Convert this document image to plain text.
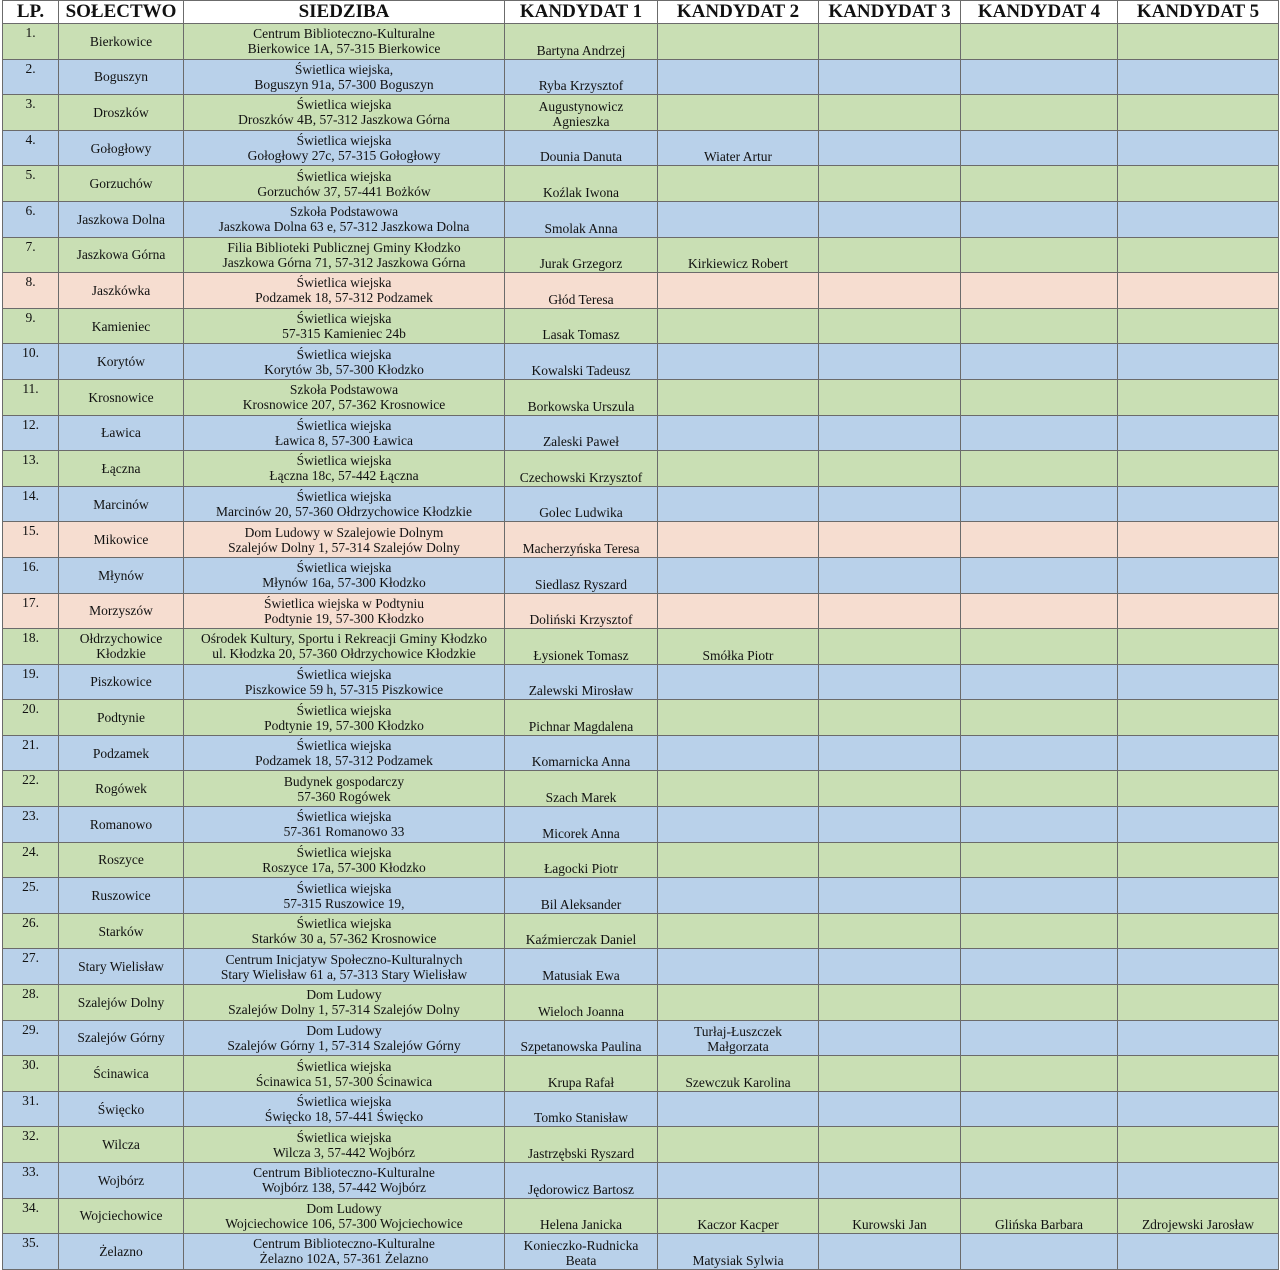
LP.	SOŁECTWO	SIEDZIBA	KANDYDAT 1	KANDYDAT 2	KANDYDAT 3	KANDYDAT 4	KANDYDAT 5
1.	Bierkowice	Centrum Biblioteczno-Kulturalne
Bierkowice 1A, 57-315 Bierkowice	Bartyna Andrzej				

2.	Boguszyn	Świetlica wiejska,
Boguszyn 91a, 57-300 Boguszyn	Ryba Krzysztof				

3.	Droszków	Świetlica wiejska
Droszków 4B, 57-312 Jaszkowa Górna	Augustynowicz
Agnieszka				

4.	Gołogłowy	Świetlica wiejska
Gołogłowy 27c, 57-315 Gołogłowy	Dounia Danuta	Wiater Artur			

5.	Gorzuchów	Świetlica wiejska
Gorzuchów 37, 57-441 Bożków	Koźlak Iwona				

6.	Jaszkowa Dolna	Szkoła Podstawowa
Jaszkowa Dolna 63 e, 57-312 Jaszkowa Dolna	Smolak Anna				

7.	Jaszkowa Górna	Filia Biblioteki Publicznej Gminy Kłodzko
Jaszkowa Górna 71, 57-312 Jaszkowa Górna	Jurak Grzegorz	Kirkiewicz Robert			

8.	Jaszkówka	Świetlica wiejska
Podzamek 18, 57-312 Podzamek	Głód Teresa				

9.	Kamieniec	Świetlica wiejska
57-315 Kamieniec 24b	Lasak Tomasz				

10.	Korytów	Świetlica wiejska
Korytów 3b, 57-300 Kłodzko	Kowalski Tadeusz				

11.	Krosnowice	Szkoła Podstawowa
Krosnowice 207, 57-362 Krosnowice	Borkowska Urszula				

12.	Ławica	Świetlica wiejska
Ławica 8, 57-300 Ławica	Zaleski Paweł				

13.	Łączna	Świetlica wiejska
Łączna 18c, 57-442 Łączna	Czechowski Krzysztof				

14.	Marcinów	Świetlica wiejska
Marcinów 20, 57-360 Ołdrzychowice Kłodzkie	Golec Ludwika				

15.	Mikowice	Dom Ludowy w Szalejowie Dolnym
Szalejów Dolny 1, 57-314 Szalejów Dolny	Macherzyńska Teresa				

16.	Młynów	Świetlica wiejska
Młynów 16a, 57-300 Kłodzko	Siedlasz Ryszard				

17.	Morzyszów	Świetlica wiejska w Podtyniu
Podtynie 19, 57-300 Kłodzko	Doliński Krzysztof				

18.	Ołdrzychowice
Kłodzkie	Ośrodek Kultury, Sportu i Rekreacji Gminy Kłodzko
ul. Kłodzka 20, 57-360 Ołdrzychowice Kłodzkie	Łysionek Tomasz	Smółka Piotr			

19.	Piszkowice	Świetlica wiejska
Piszkowice 59 h, 57-315 Piszkowice	Zalewski Mirosław				

20.	Podtynie	Świetlica wiejska
Podtynie 19, 57-300 Kłodzko	Pichnar Magdalena				

21.	Podzamek	Świetlica wiejska
Podzamek 18, 57-312 Podzamek	Komarnicka Anna				

22.	Rogówek	Budynek gospodarczy
57-360 Rogówek	Szach Marek				

23.	Romanowo	Świetlica wiejska
57-361 Romanowo 33	Micorek Anna				

24.	Roszyce	Świetlica wiejska
Roszyce 17a, 57-300 Kłodzko	Łagocki Piotr				

25.	Ruszowice	Świetlica wiejska
57-315 Ruszowice 19,	Bil Aleksander				

26.	Starków	Świetlica wiejska
Starków 30 a, 57-362 Krosnowice	Kaźmierczak Daniel				

27.	Stary Wielisław	Centrum Inicjatyw Społeczno-Kulturalnych
Stary Wielisław 61 a, 57-313 Stary Wielisław	Matusiak Ewa				

28.	Szalejów Dolny	Dom Ludowy
Szalejów Dolny 1, 57-314 Szalejów Dolny	Wieloch Joanna				

29.	Szalejów Górny	Dom Ludowy
Szalejów Górny 1, 57-314 Szalejów Górny	Szpetanowska Paulina	Turłaj-Łuszczek
Małgorzata			

30.	Ścinawica	Świetlica wiejska
Ścinawica 51, 57-300 Ścinawica	Krupa Rafał	Szewczuk Karolina			

31.	Święcko	Świetlica wiejska
Święcko 18, 57-441 Święcko	Tomko Stanisław				

32.	Wilcza	Świetlica wiejska
Wilcza 3, 57-442 Wojbórz	Jastrzębski Ryszard				

33.	Wojbórz	Centrum Biblioteczno-Kulturalne
Wojbórz 138, 57-442 Wojbórz	Jędorowicz Bartosz				

34.	Wojciechowice	Dom Ludowy
Wojciechowice 106, 57-300 Wojciechowice	Helena Janicka	Kaczor Kacper	Kurowski Jan	Glińska Barbara	Zdrojewski Jarosław

35.	Żelazno	Centrum Biblioteczno-Kulturalne
Żelazno 102A, 57-361 Żelazno	Konieczko-Rudnicka
Beata	Matysiak Sylwia			
